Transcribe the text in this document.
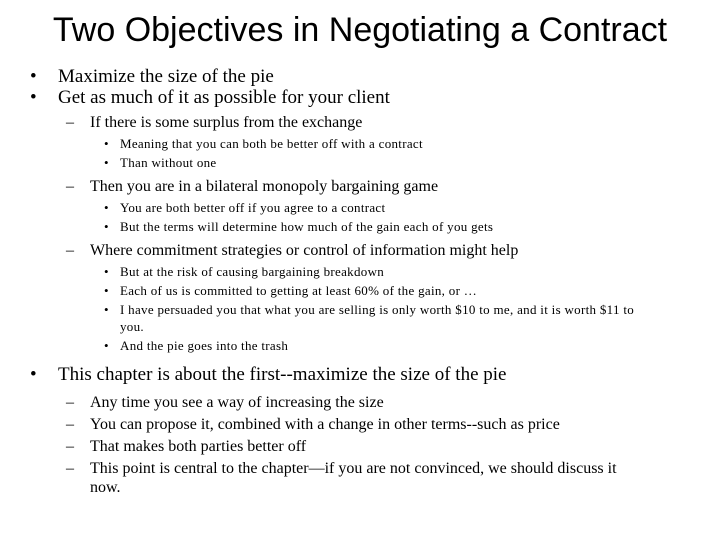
Two Objectives in Negotiating a Contract
• Maximize the size of the pie
• Get as much of it as possible for your client
– If there is some surplus from the exchange
• Meaning that you can both be better off with a contract
• Than without one
– Then you are in a bilateral monopoly bargaining game
• You are both better off if you agree to a contract
• But the terms will determine how much of the gain each of you gets
– Where commitment strategies or control of information might help
• But at the risk of causing bargaining breakdown
• Each of us is committed to getting at least 60% of the gain, or …
• I have persuaded you that what you are selling is only worth $10 to me, and it is worth $11 to you.
• And the pie goes into the trash
• This chapter is about the first--maximize the size of the pie
– Any time you see a way of increasing the size
– You can propose it, combined with a change in other terms--such as price
– That makes both parties better off
– This point is central to the chapter—if you are not convinced, we should discuss it now.
